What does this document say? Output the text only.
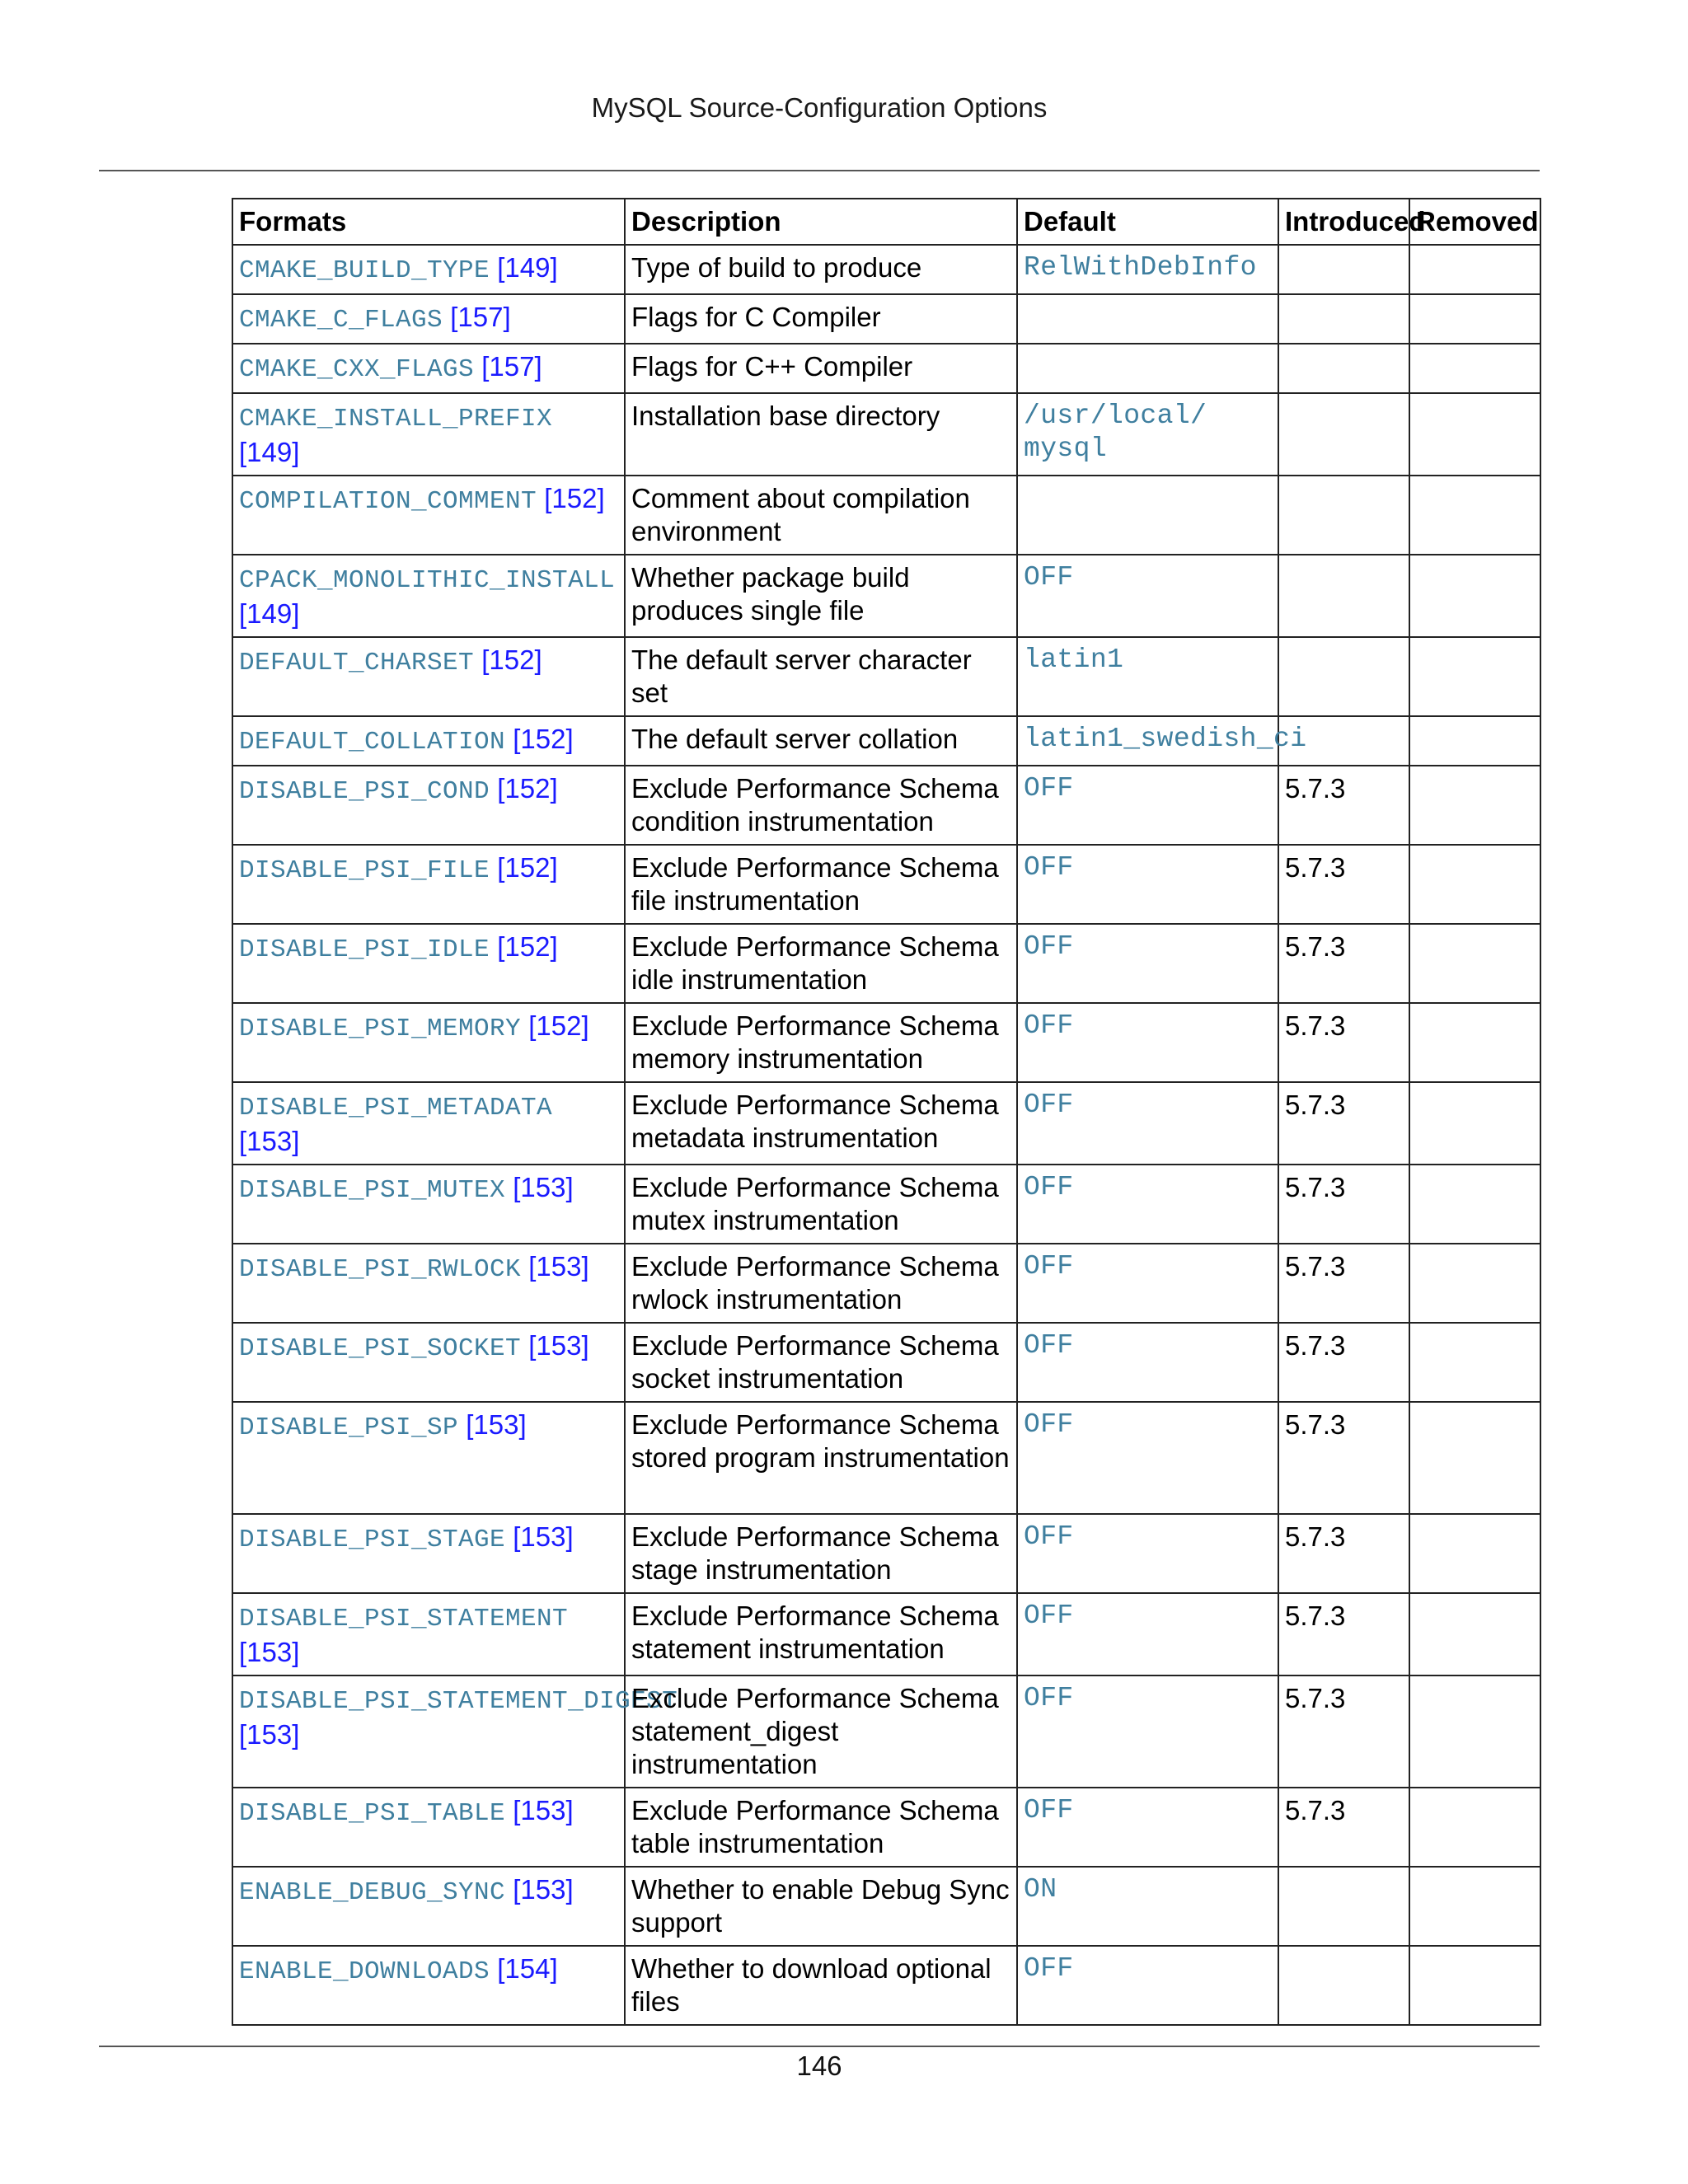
MySQL Source-Configuration Options
Formats	Description	Default	Introduced	Removed
CMAKE_BUILD_TYPE [149]	Type of build to produce	RelWithDebInfo		
CMAKE_C_FLAGS [157]	Flags for C Compiler			
CMAKE_CXX_FLAGS [157]	Flags for C++ Compiler			
CMAKE_INSTALL_PREFIX [149]	Installation base directory	/usr/local/ mysql		
COMPILATION_COMMENT [152]	Comment about compilation environment			
CPACK_MONOLITHIC_INSTALL [149]	Whether package build produces single file	OFF		
DEFAULT_CHARSET [152]	The default server character set	latin1		
DEFAULT_COLLATION [152]	The default server collation	latin1_swedish_ci		
DISABLE_PSI_COND [152]	Exclude Performance Schema condition instrumentation	OFF	5.7.3	
DISABLE_PSI_FILE [152]	Exclude Performance Schema file instrumentation	OFF	5.7.3	
DISABLE_PSI_IDLE [152]	Exclude Performance Schema idle instrumentation	OFF	5.7.3	
DISABLE_PSI_MEMORY [152]	Exclude Performance Schema memory instrumentation	OFF	5.7.3	
DISABLE_PSI_METADATA [153]	Exclude Performance Schema metadata instrumentation	OFF	5.7.3	
DISABLE_PSI_MUTEX [153]	Exclude Performance Schema mutex instrumentation	OFF	5.7.3	
DISABLE_PSI_RWLOCK [153]	Exclude Performance Schema rwlock instrumentation	OFF	5.7.3	
DISABLE_PSI_SOCKET [153]	Exclude Performance Schema socket instrumentation	OFF	5.7.3	
DISABLE_PSI_SP [153]	Exclude Performance Schema stored program instrumentation	OFF	5.7.3	
DISABLE_PSI_STAGE [153]	Exclude Performance Schema stage instrumentation	OFF	5.7.3	
DISABLE_PSI_STATEMENT [153]	Exclude Performance Schema statement instrumentation	OFF	5.7.3	
DISABLE_PSI_STATEMENT_DIGEST [153]	Exclude Performance Schema statement_digest instrumentation	OFF	5.7.3	
DISABLE_PSI_TABLE [153]	Exclude Performance Schema table instrumentation	OFF	5.7.3	
ENABLE_DEBUG_SYNC [153]	Whether to enable Debug Sync support	ON		
ENABLE_DOWNLOADS [154]	Whether to download optional files	OFF		
146
